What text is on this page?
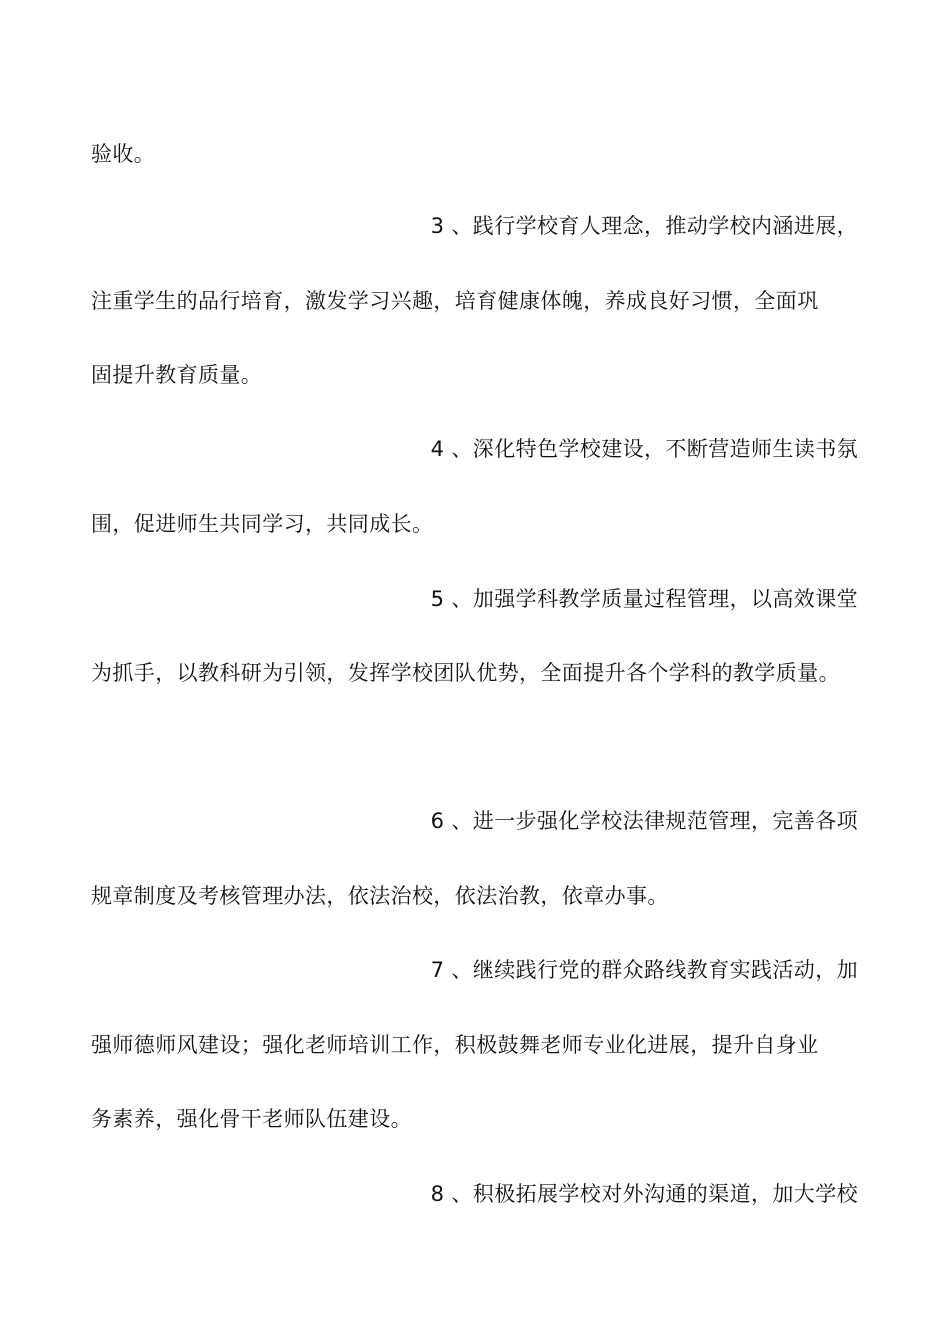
验收。
3 、践行学校育人理念，推动学校内涵进展，
注重学生的品行培育，激发学习兴趣，培育健康体魄，养成良好习惯，全面巩
固提升教育质量。
4 、深化特色学校建设，不断营造师生读书氛
围，促进师生共同学习，共同成长。
5 、加强学科教学质量过程管理，以高效课堂
为抓手，以教科研为引领，发挥学校团队优势，全面提升各个学科的教学质量。
6 、进一步强化学校法律规范管理，完善各项
规章制度及考核管理办法，依法治校，依法治教，依章办事。
7 、继续践行党的群众路线教育实践活动，加
强师德师风建设；强化老师培训工作，积极鼓舞老师专业化进展，提升自身业
务素养，强化骨干老师队伍建设。
8 、积极拓展学校对外沟通的渠道，加大学校
